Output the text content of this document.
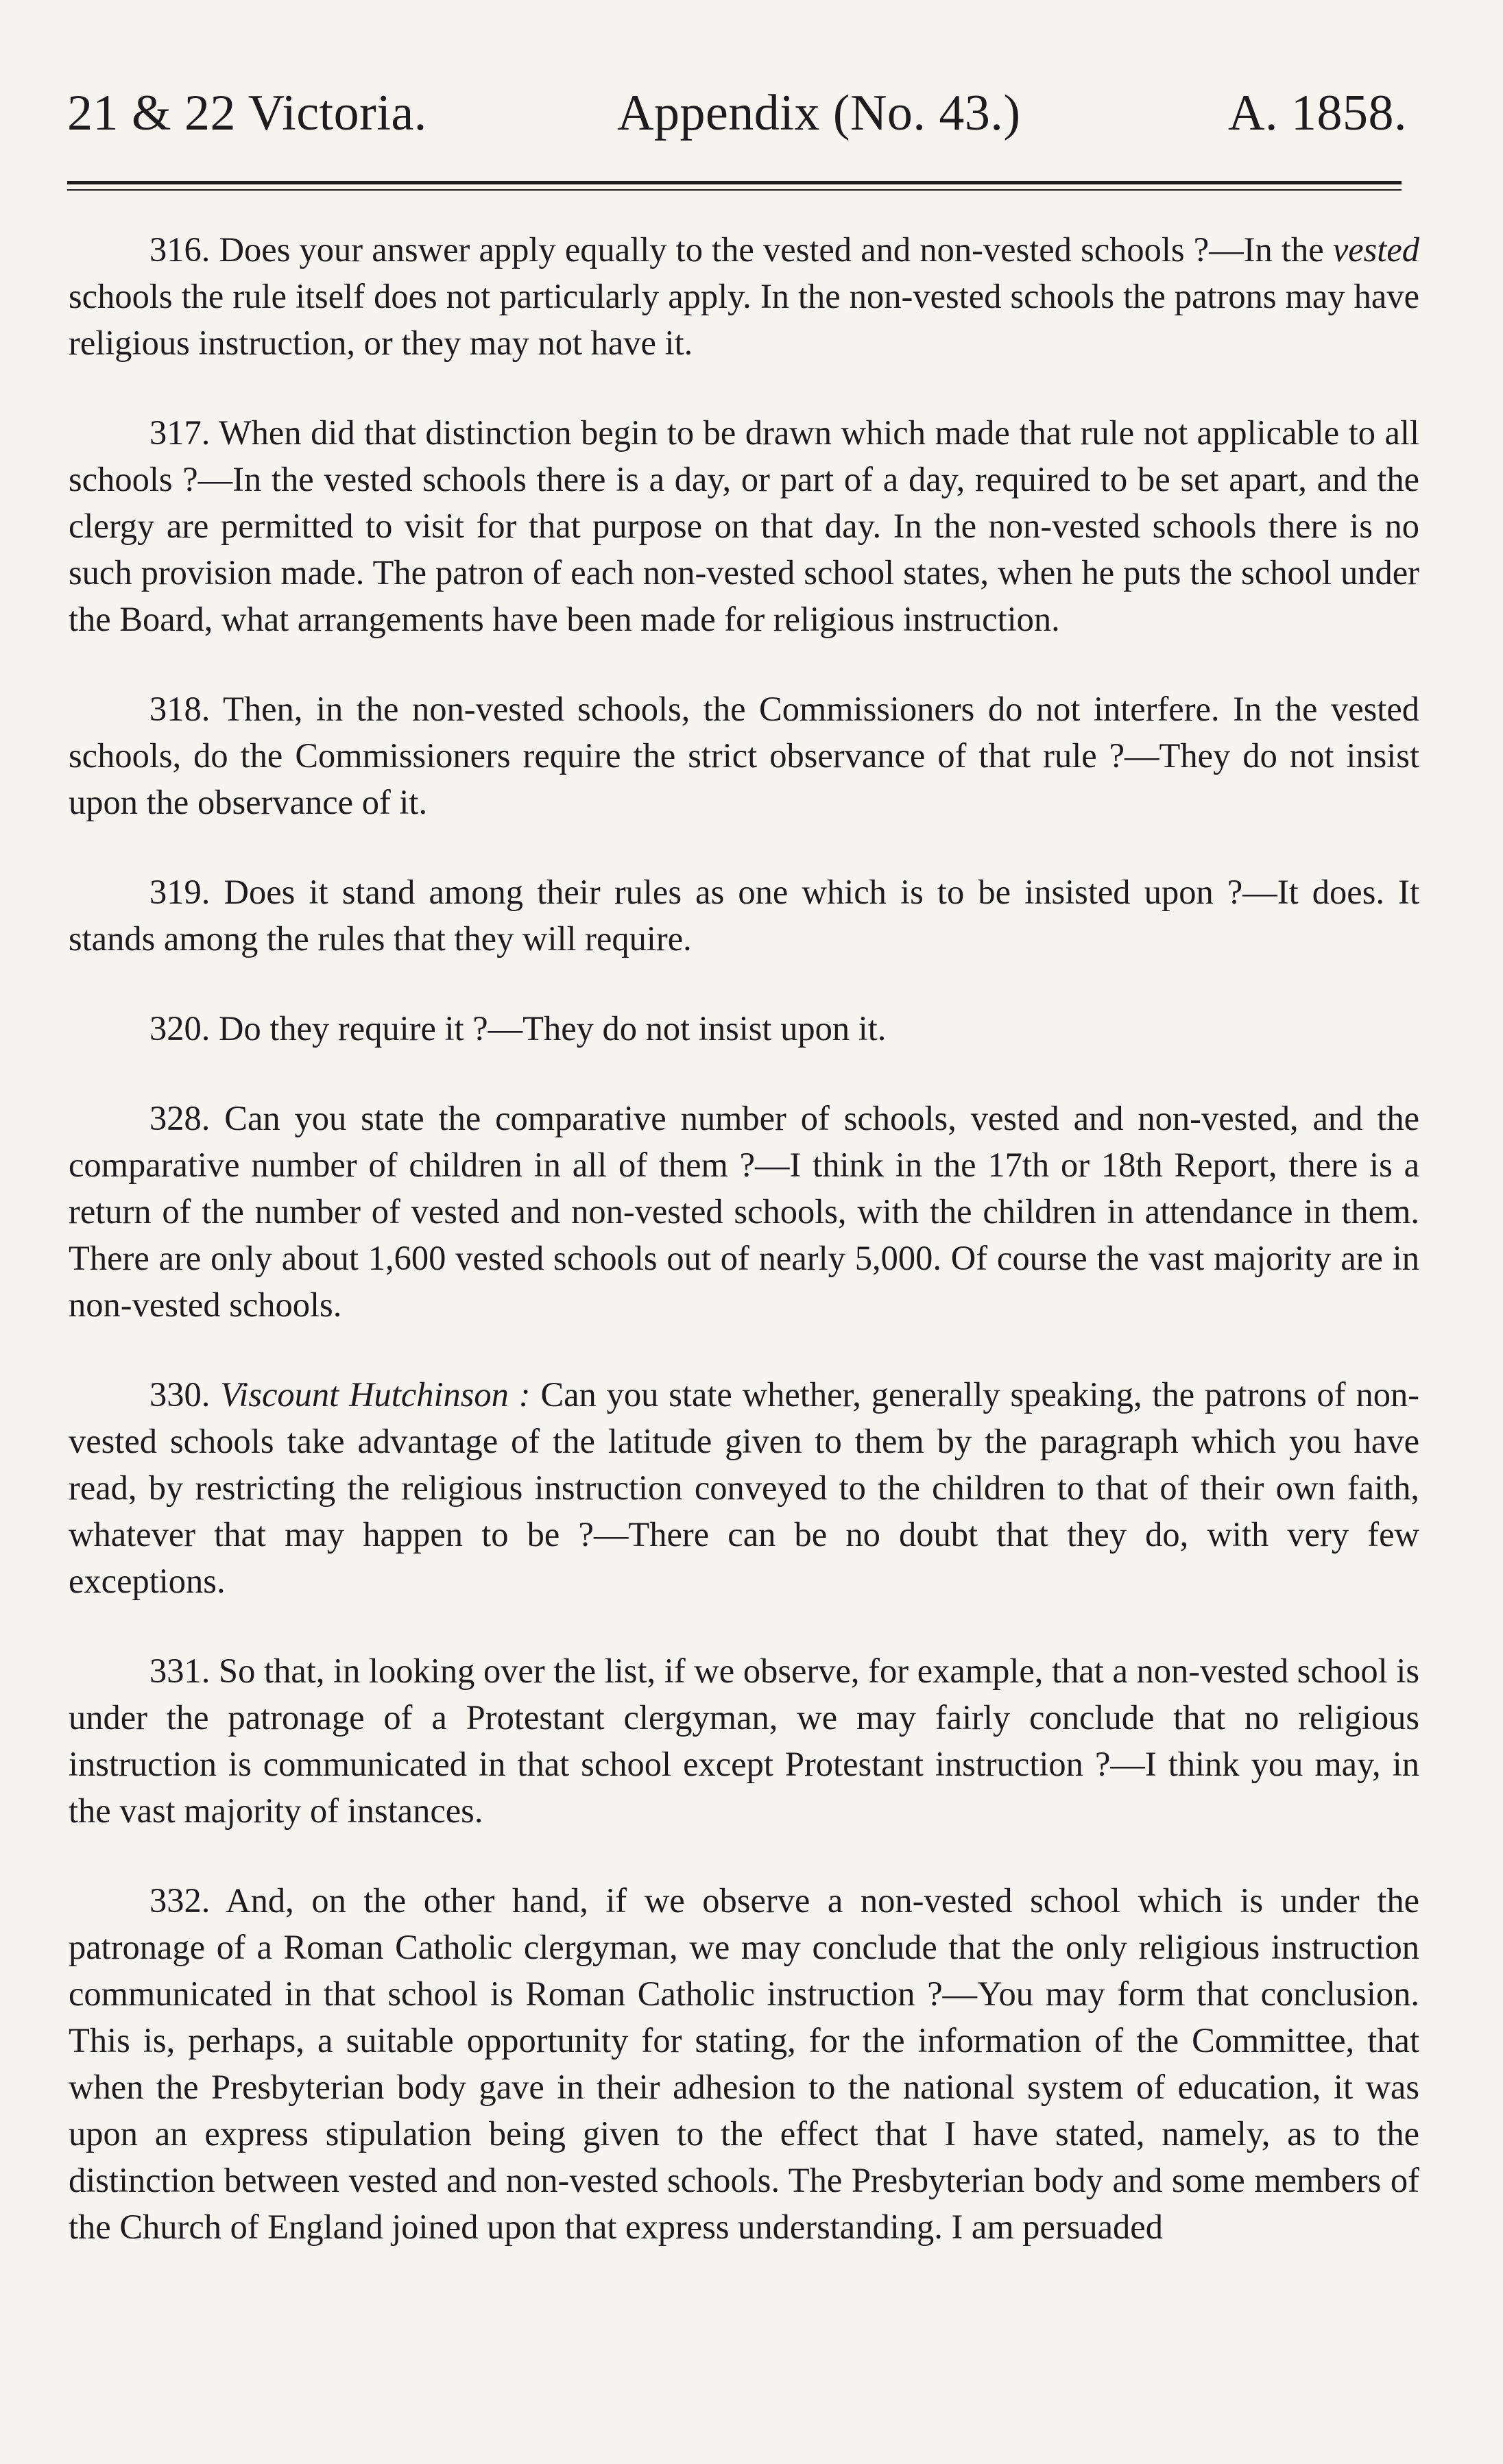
21 & 22 Victoria.	Appendix (No. 43.)	A. 1858.

316. Does your answer apply equally to the vested and non-vested schools ?—In the vested schools the rule itself does not particularly apply. In the non-vested schools the patrons may have religious instruction, or they may not have it.

317. When did that distinction begin to be drawn which made that rule not applicable to all schools ?—In the vested schools there is a day, or part of a day, required to be set apart, and the clergy are permitted to visit for that purpose on that day. In the non-vested schools there is no such provision made. The patron of each non-vested school states, when he puts the school under the Board, what arrangements have been made for religious instruction.

318. Then, in the non-vested schools, the Commissioners do not interfere. In the vested schools, do the Commissioners require the strict observance of that rule ?—They do not insist upon the observance of it.

319. Does it stand among their rules as one which is to be insisted upon ?—It does. It stands among the rules that they will require.

320. Do they require it ?—They do not insist upon it.

328. Can you state the comparative number of schools, vested and non-vested, and the comparative number of children in all of them ?—I think in the 17th or 18th Report, there is a return of the number of vested and non-vested schools, with the children in attendance in them. There are only about 1,600 vested schools out of nearly 5,000. Of course the vast majority are in non-vested schools.

330. Viscount Hutchinson : Can you state whether, generally speaking, the patrons of non-vested schools take advantage of the latitude given to them by the paragraph which you have read, by restricting the religious instruction conveyed to the children to that of their own faith, whatever that may happen to be ?—There can be no doubt that they do, with very few exceptions.

331. So that, in looking over the list, if we observe, for example, that a non-vested school is under the patronage of a Protestant clergyman, we may fairly conclude that no religious instruction is communicated in that school except Protestant instruction ?—I think you may, in the vast majority of instances.

332. And, on the other hand, if we observe a non-vested school which is under the patronage of a Roman Catholic clergyman, we may conclude that the only religious instruction communicated in that school is Roman Catholic instruction ?—You may form that conclusion. This is, perhaps, a suitable opportunity for stating, for the information of the Committee, that when the Presbyterian body gave in their adhesion to the national system of education, it was upon an express stipulation being given to the effect that I have stated, namely, as to the distinction between vested and non-vested schools. The Presbyterian body and some members of the Church of England joined upon that express understanding. I am persuaded
